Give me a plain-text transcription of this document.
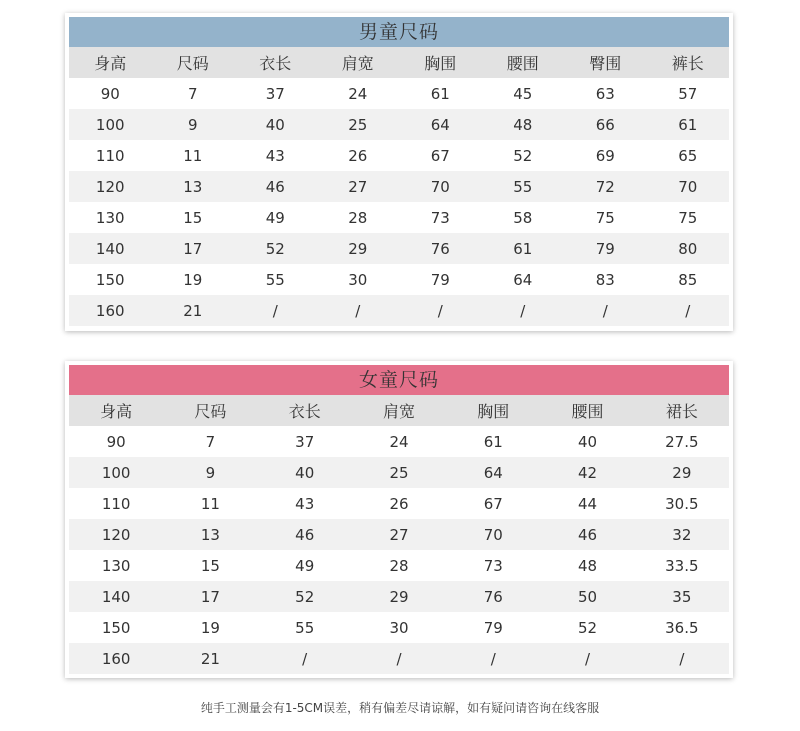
男童尺码
身高	尺码	衣长	肩宽	胸围	腰围	臀围	裤长
90	7	37	24	61	45	63	57
100	9	40	25	64	48	66	61
110	11	43	26	67	52	69	65
120	13	46	27	70	55	72	70
130	15	49	28	73	58	75	75
140	17	52	29	76	61	79	80
150	19	55	30	79	64	83	85
160	21	/	/	/	/	/	/
女童尺码
身高	尺码	衣长	肩宽	胸围	腰围	裙长
90	7	37	24	61	40	27.5
100	9	40	25	64	42	29
110	11	43	26	67	44	30.5
120	13	46	27	70	46	32
130	15	49	28	73	48	33.5
140	17	52	29	76	50	35
150	19	55	30	79	52	36.5
160	21	/	/	/	/	/
纯手工测量会有1-5CM误差，稍有偏差尽请谅解，如有疑问请咨询在线客服
